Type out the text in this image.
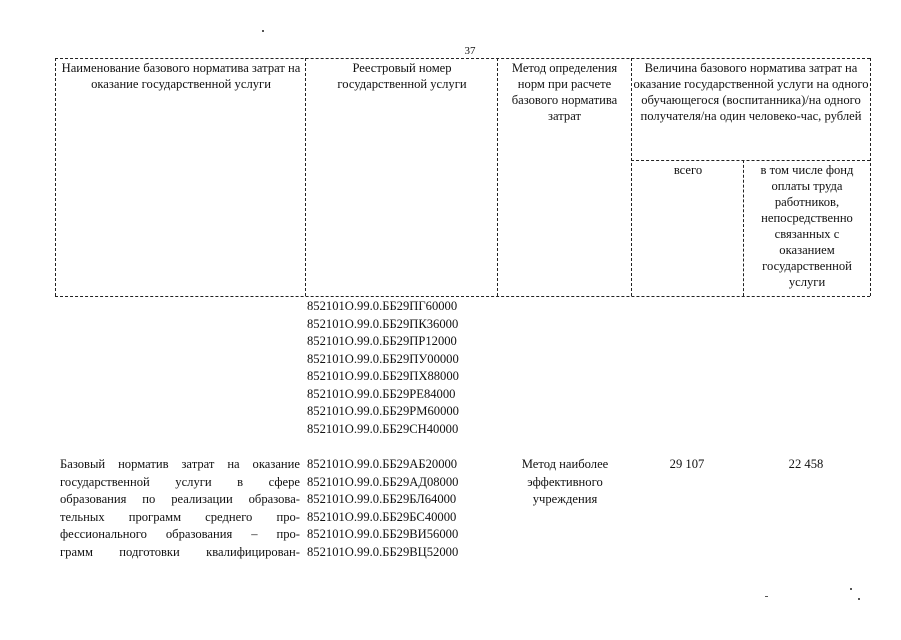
37
Наименование базового норматива затрат на оказание государственной услуги
Реестровый номер государственной услуги
Метод определения норм при расчете базового норматива затрат
Величина базового норматива затрат на оказание государственной услуги на одного обучающегося (воспитанника)/на одного получателя/на один человеко-час, рублей
всего	в том числе фонд оплаты труда работников, непосредственно связанных с оказанием государственной услуги
852101О.99.0.ББ29ПГ60000
852101О.99.0.ББ29ПК36000
852101О.99.0.ББ29ПР12000
852101О.99.0.ББ29ПУ00000
852101О.99.0.ББ29ПХ88000
852101О.99.0.ББ29РЕ84000
852101О.99.0.ББ29РМ60000
852101О.99.0.ББ29СН40000
Базовый норматив затрат на оказание
государственной услуги в сфере
образования по реализации образова-
тельных программ среднего про-
фессионального образования – про-
грамм подготовки квалифицирован-
852101О.99.0.ББ29АБ20000
852101О.99.0.ББ29АД08000
852101О.99.0.ББ29БЛ64000
852101О.99.0.ББ29БС40000
852101О.99.0.ББ29ВИ56000
852101О.99.0.ББ29ВЦ52000
Метод наиболее эффективного учреждения
29 107	22 458
